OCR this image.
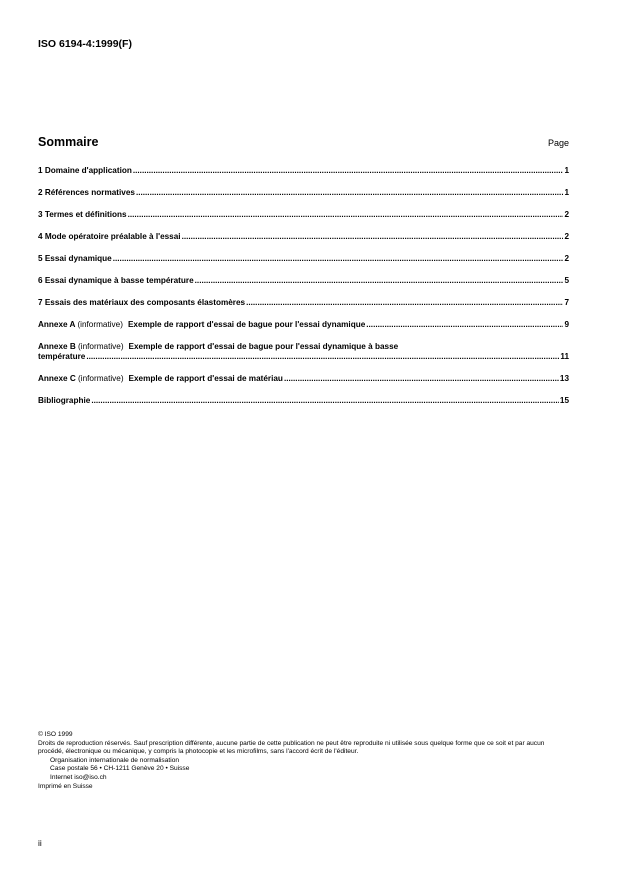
ISO 6194-4:1999(F)
Sommaire	Page
1 Domaine d'application .....	1
2 Références normatives .....	1
3 Termes et définitions .....	2
4 Mode opératoire préalable à l'essai .....	2
5 Essai dynamique .....	2
6 Essai dynamique à basse température .....	5
7 Essais des matériaux des composants élastomères .....	7
Annexe A (informative) Exemple de rapport d'essai de bague pour l'essai dynamique .....	9
Annexe B (informative) Exemple de rapport d'essai de bague pour l'essai dynamique à basse
température .....	11
Annexe C (informative) Exemple de rapport d'essai de matériau .....	13
Bibliographie .....	15

© ISO 1999

Droits de reproduction réservés. Sauf prescription différente, aucune partie de cette publication ne peut être reproduite ni utilisée sous quelque forme que ce soit et par aucun procédé, électronique ou mécanique, y compris la photocopie et les microfilms, sans l'accord écrit de l'éditeur.

Organisation internationale de normalisation

Case postale 56 • CH-1211 Genève 20 • Suisse

Internet iso@iso.ch

Imprimé en Suisse

ii
